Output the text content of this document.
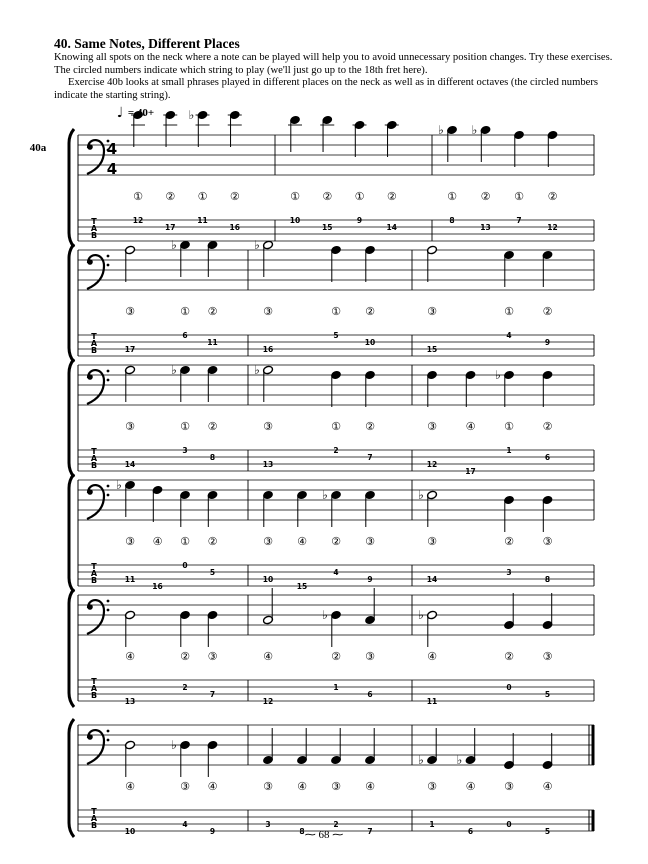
40. Same Notes, Different Places
Knowing all spots on the neck where a note can be played will help you to avoid unnecessary position changes. Try these exercises. The circled numbers indicate which string to play (we'll just go up to the 18th fret here).
Exercise 40b looks at small phrases played in different places on the neck as well as in different octaves (the circled numbers indicate the starting string).
T
A
B
4
4
40a
♩ = 40+
①
12
②
17
♭
①
11
②
16
①
10
②
15
①
9
②
14
♭
①
8
♭
②
13
①
7
②
12
T
A
B
③
17
♭
①
6
②
11
♭
③
16
①
5
②
10
③
15
①
4
②
9
T
A
B
③
14
♭
①
3
②
8
♭
③
13
①
2
②
7
③
12
④
17
♭
①
1
②
6
T
A
B
♭
③
11
④
16
①
0
②
5
③
10
④
15
♭
②
4
③
9
♭
③
14
②
3
③
8
T
A
B
④
13
②
2
③
7
④
12
♭
②
1
③
6
♭
④
11
②
0
③
5
T
A
B
④
10
♭
③
4
④
9
③
3
④
8
③
2
④
7
♭
③
1
♭
④
6
③
0
④
5
⁓ 68 ⁓
